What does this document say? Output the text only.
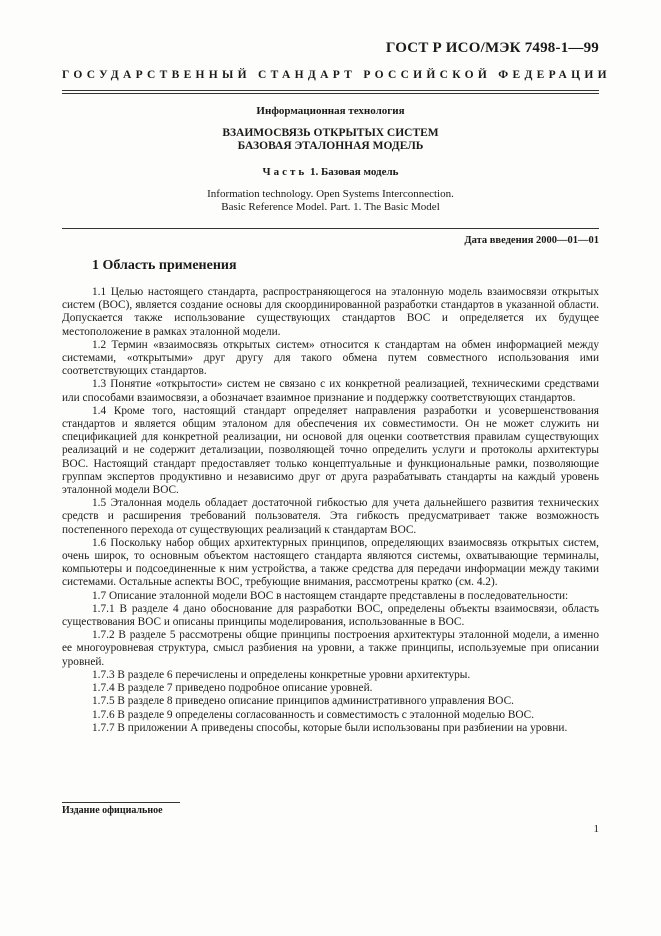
ГОСТ Р ИСО/МЭК 7498-1—99
ГОСУДАРСТВЕННЫЙ СТАНДАРТ РОССИЙСКОЙ ФЕДЕРАЦИИ
Информационная технология
ВЗАИМОСВЯЗЬ ОТКРЫТЫХ СИСТЕМ
БАЗОВАЯ ЭТАЛОННАЯ МОДЕЛЬ
Часть 1. Базовая модель
Information technology. Open Systems Interconnection.
Basic Reference Model. Part. 1. The Basic Model
Дата введения 2000—01—01
1 Область применения

1.1 Целью настоящего стандарта, распространяющегося на эталонную модель взаимосвязи открытых систем (ВОС), является создание основы для скоординированной разработки стандартов в указанной области. Допускается также использование существующих стандартов ВОС и определяется их будущее местоположение в рамках эталонной модели.

1.2 Термин «взаимосвязь открытых систем» относится к стандартам на обмен информацией между системами, «открытыми» друг другу для такого обмена путем совместного использования ими соответствующих стандартов.

1.3 Понятие «открытости» систем не связано с их конкретной реализацией, техническими средствами или способами взаимосвязи, а обозначает взаимное признание и поддержку соответствующих стандартов.

1.4 Кроме того, настоящий стандарт определяет направления разработки и усовершенствования стандартов и является общим эталоном для обеспечения их совместимости. Он не может служить ни спецификацией для конкретной реализации, ни основой для оценки соответствия правилам существующих реализаций и не содержит детализации, позволяющей точно определить услуги и протоколы архитектуры ВОС. Настоящий стандарт предоставляет только концептуальные и функциональные рамки, позволяющие группам экспертов продуктивно и независимо друг от друга разрабатывать стандарты на каждый уровень эталонной модели ВОС.

1.5 Эталонная модель обладает достаточной гибкостью для учета дальнейшего развития технических средств и расширения требований пользователя. Эта гибкость предусматривает также возможность постепенного перехода от существующих реализаций к стандартам ВОС.

1.6 Поскольку набор общих архитектурных принципов, определяющих взаимосвязь открытых систем, очень широк, то основным объектом настоящего стандарта являются системы, охватывающие терминалы, компьютеры и подсоединенные к ним устройства, а также средства для передачи информации между такими системами. Остальные аспекты ВОС, требующие внимания, рассмотрены кратко (см. 4.2).

1.7 Описание эталонной модели ВОС в настоящем стандарте представлены в последовательности:

1.7.1 В разделе 4 дано обоснование для разработки ВОС, определены объекты взаимосвязи, область существования ВОС и описаны принципы моделирования, использованные в ВОС.

1.7.2 В разделе 5 рассмотрены общие принципы построения архитектуры эталонной модели, а именно ее многоуровневая структура, смысл разбиения на уровни, а также принципы, используемые при описании уровней.

1.7.3 В разделе 6 перечислены и определены конкретные уровни архитектуры.

1.7.4 В разделе 7 приведено подробное описание уровней.

1.7.5 В разделе 8 приведено описание принципов административного управления ВОС.

1.7.6 В разделе 9 определены согласованность и совместимость с эталонной моделью ВОС.

1.7.7 В приложении А приведены способы, которые были использованы при разбиении на уровни.

Издание официальное
1
